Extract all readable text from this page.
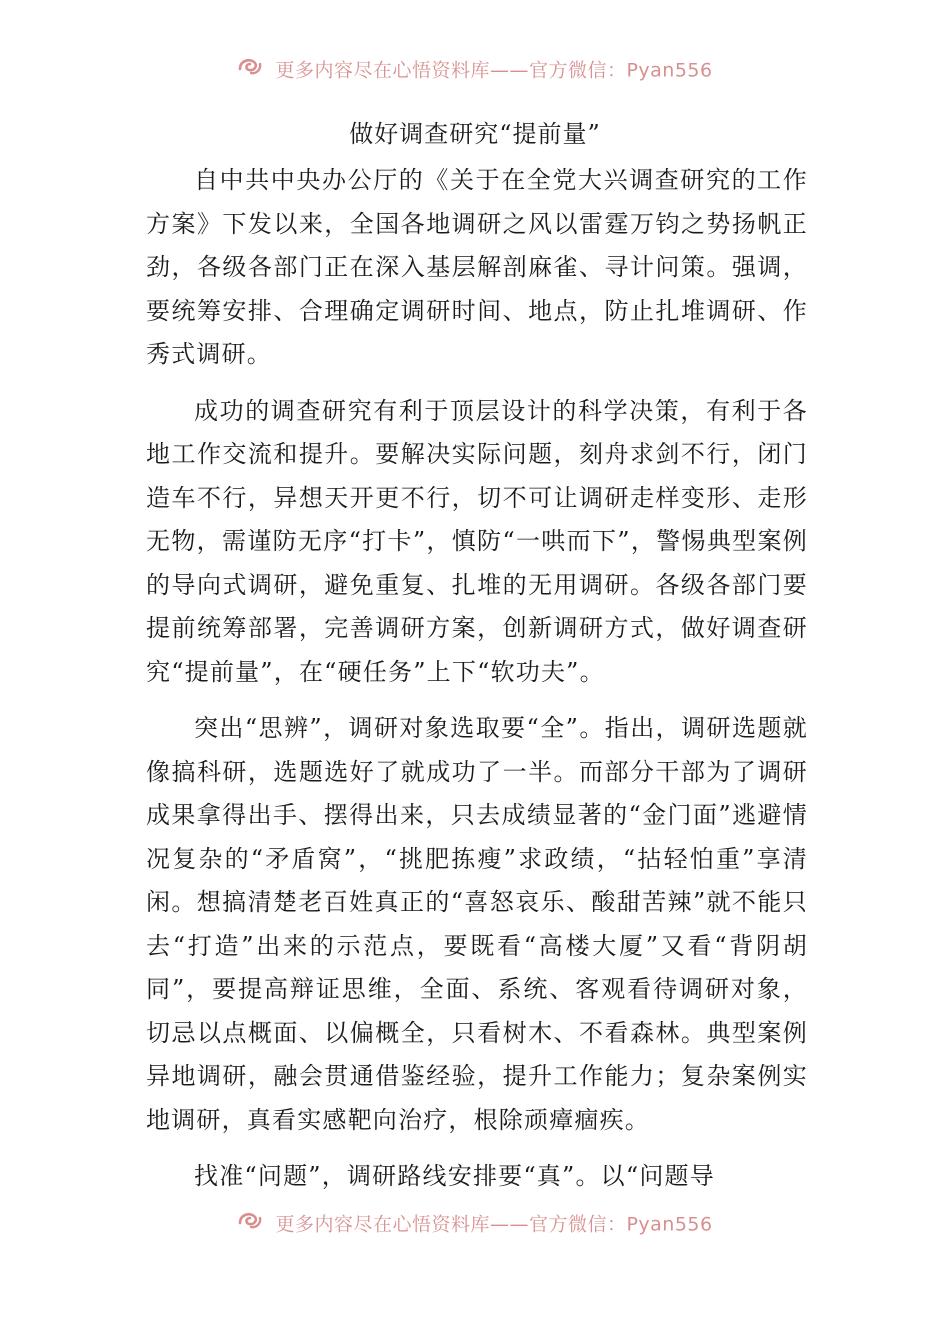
更多内容尽在心悟资料库——官方微信：Pyan556
做好调查研究“提前量”

自中共中央办公厅的《关于在全党大兴调查研究的工作方案》下发以来，全国各地调研之风以雷霆万钧之势扬帆正劲，各级各部门正在深入基层解剖麻雀、寻计问策。强调，要统筹安排、合理确定调研时间、地点，防止扎堆调研、作秀式调研。

成功的调查研究有利于顶层设计的科学决策，有利于各地工作交流和提升。要解决实际问题，刻舟求剑不行，闭门造车不行，异想天开更不行，切不可让调研走样变形、走形无物，需谨防无序“打卡”，慎防“一哄而下”，警惕典型案例的导向式调研，避免重复、扎堆的无用调研。各级各部门要提前统筹部署，完善调研方案，创新调研方式，做好调查研究“提前量”，在“硬任务”上下“软功夫”。

突出“思辨”，调研对象选取要“全”。指出，调研选题就像搞科研，选题选好了就成功了一半。而部分干部为了调研成果拿得出手、摆得出来，只去成绩显著的“金门面”逃避情况复杂的“矛盾窝”，“挑肥拣瘦”求政绩，“拈轻怕重”享清闲。想搞清楚老百姓真正的“喜怒哀乐、酸甜苦辣”就不能只去“打造”出来的示范点，要既看“高楼大厦”又看“背阴胡同”，要提高辩证思维，全面、系统、客观看待调研对象，切忌以点概面、以偏概全，只看树木、不看森林。典型案例异地调研，融会贯通借鉴经验，提升工作能力；复杂案例实地调研，真看实感靶向治疗，根除顽瘴痼疾。

找准“问题”，调研路线安排要“真”。以“问题导

更多内容尽在心悟资料库——官方微信：Pyan556
